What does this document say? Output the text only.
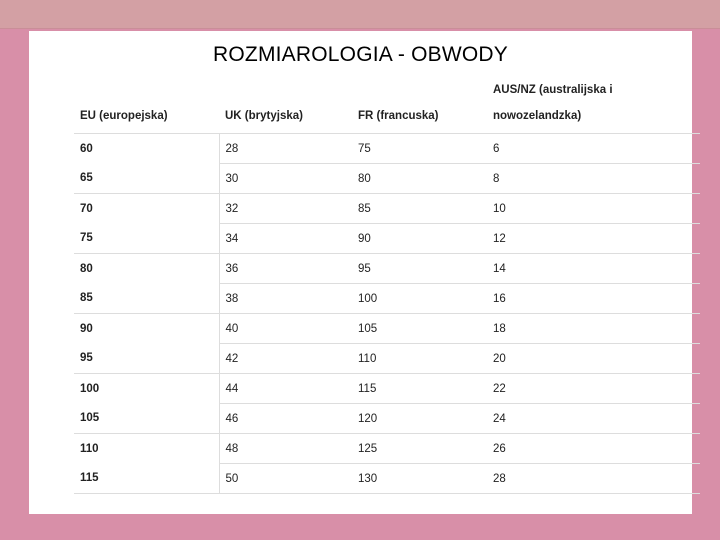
ROZMIAROLOGIA - OBWODY
EU (europejska)	UK (brytyjska)	FR (francuska)	AUS/NZ (australijska i nowozelandzka)
60	28	75	6
65	30	80	8
70	32	85	10
75	34	90	12
80	36	95	14
85	38	100	16
90	40	105	18
95	42	110	20
100	44	115	22
105	46	120	24
110	48	125	26
115	50	130	28
